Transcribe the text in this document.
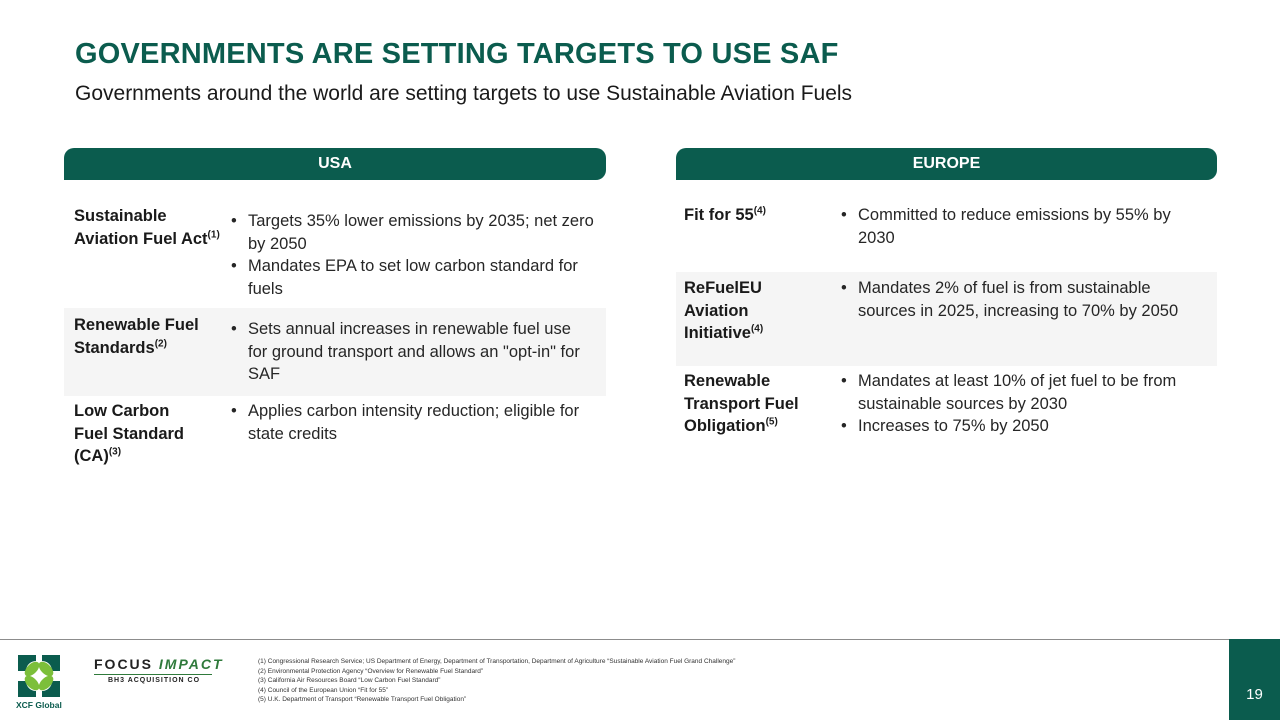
GOVERNMENTS ARE SETTING TARGETS TO USE SAF
Governments around the world are setting targets to use Sustainable Aviation Fuels
USA
Sustainable Aviation Fuel Act$^{(1)}$
• Targets 35% lower emissions by 2035; net zero by 2050
• Mandates EPA to set low carbon standard for fuels
Renewable Fuel Standards$^{(2)}$
• Sets annual increases in renewable fuel use for ground transport and allows an "opt-in" for SAF
Low Carbon Fuel Standard (CA)$^{(3)}$
• Applies carbon intensity reduction; eligible for state credits
EUROPE
Fit for 55$^{(4)}$
•	Committed to reduce emissions by 55% by 2030
ReFuelEU Aviation Initiative$^{(4)}$
• Mandates 2% of fuel is from sustainable sources in 2025, increasing to 70% by 2050
Renewable Transport Fuel Obligation$^{(5)}$
• Mandates at least 10% of jet fuel to be from sustainable sources by 2030
• Increases to 75% by 2050
XCF Global
FOCUS IMPACT
BH3 ACQUISITION CO
(1) Congressional Research Service; US Department of Energy, Department of Transportation, Department of Agriculture “Sustainable Aviation Fuel Grand Challenge”
(2) Environmental Protection Agency “Overview for Renewable Fuel Standard”
(3) California Air Resources Board “Low Carbon Fuel Standard”
(4) Council of the European Union “Fit for 55”
(5) U.K. Department of Transport “Renewable Transport Fuel Obligation”	19
